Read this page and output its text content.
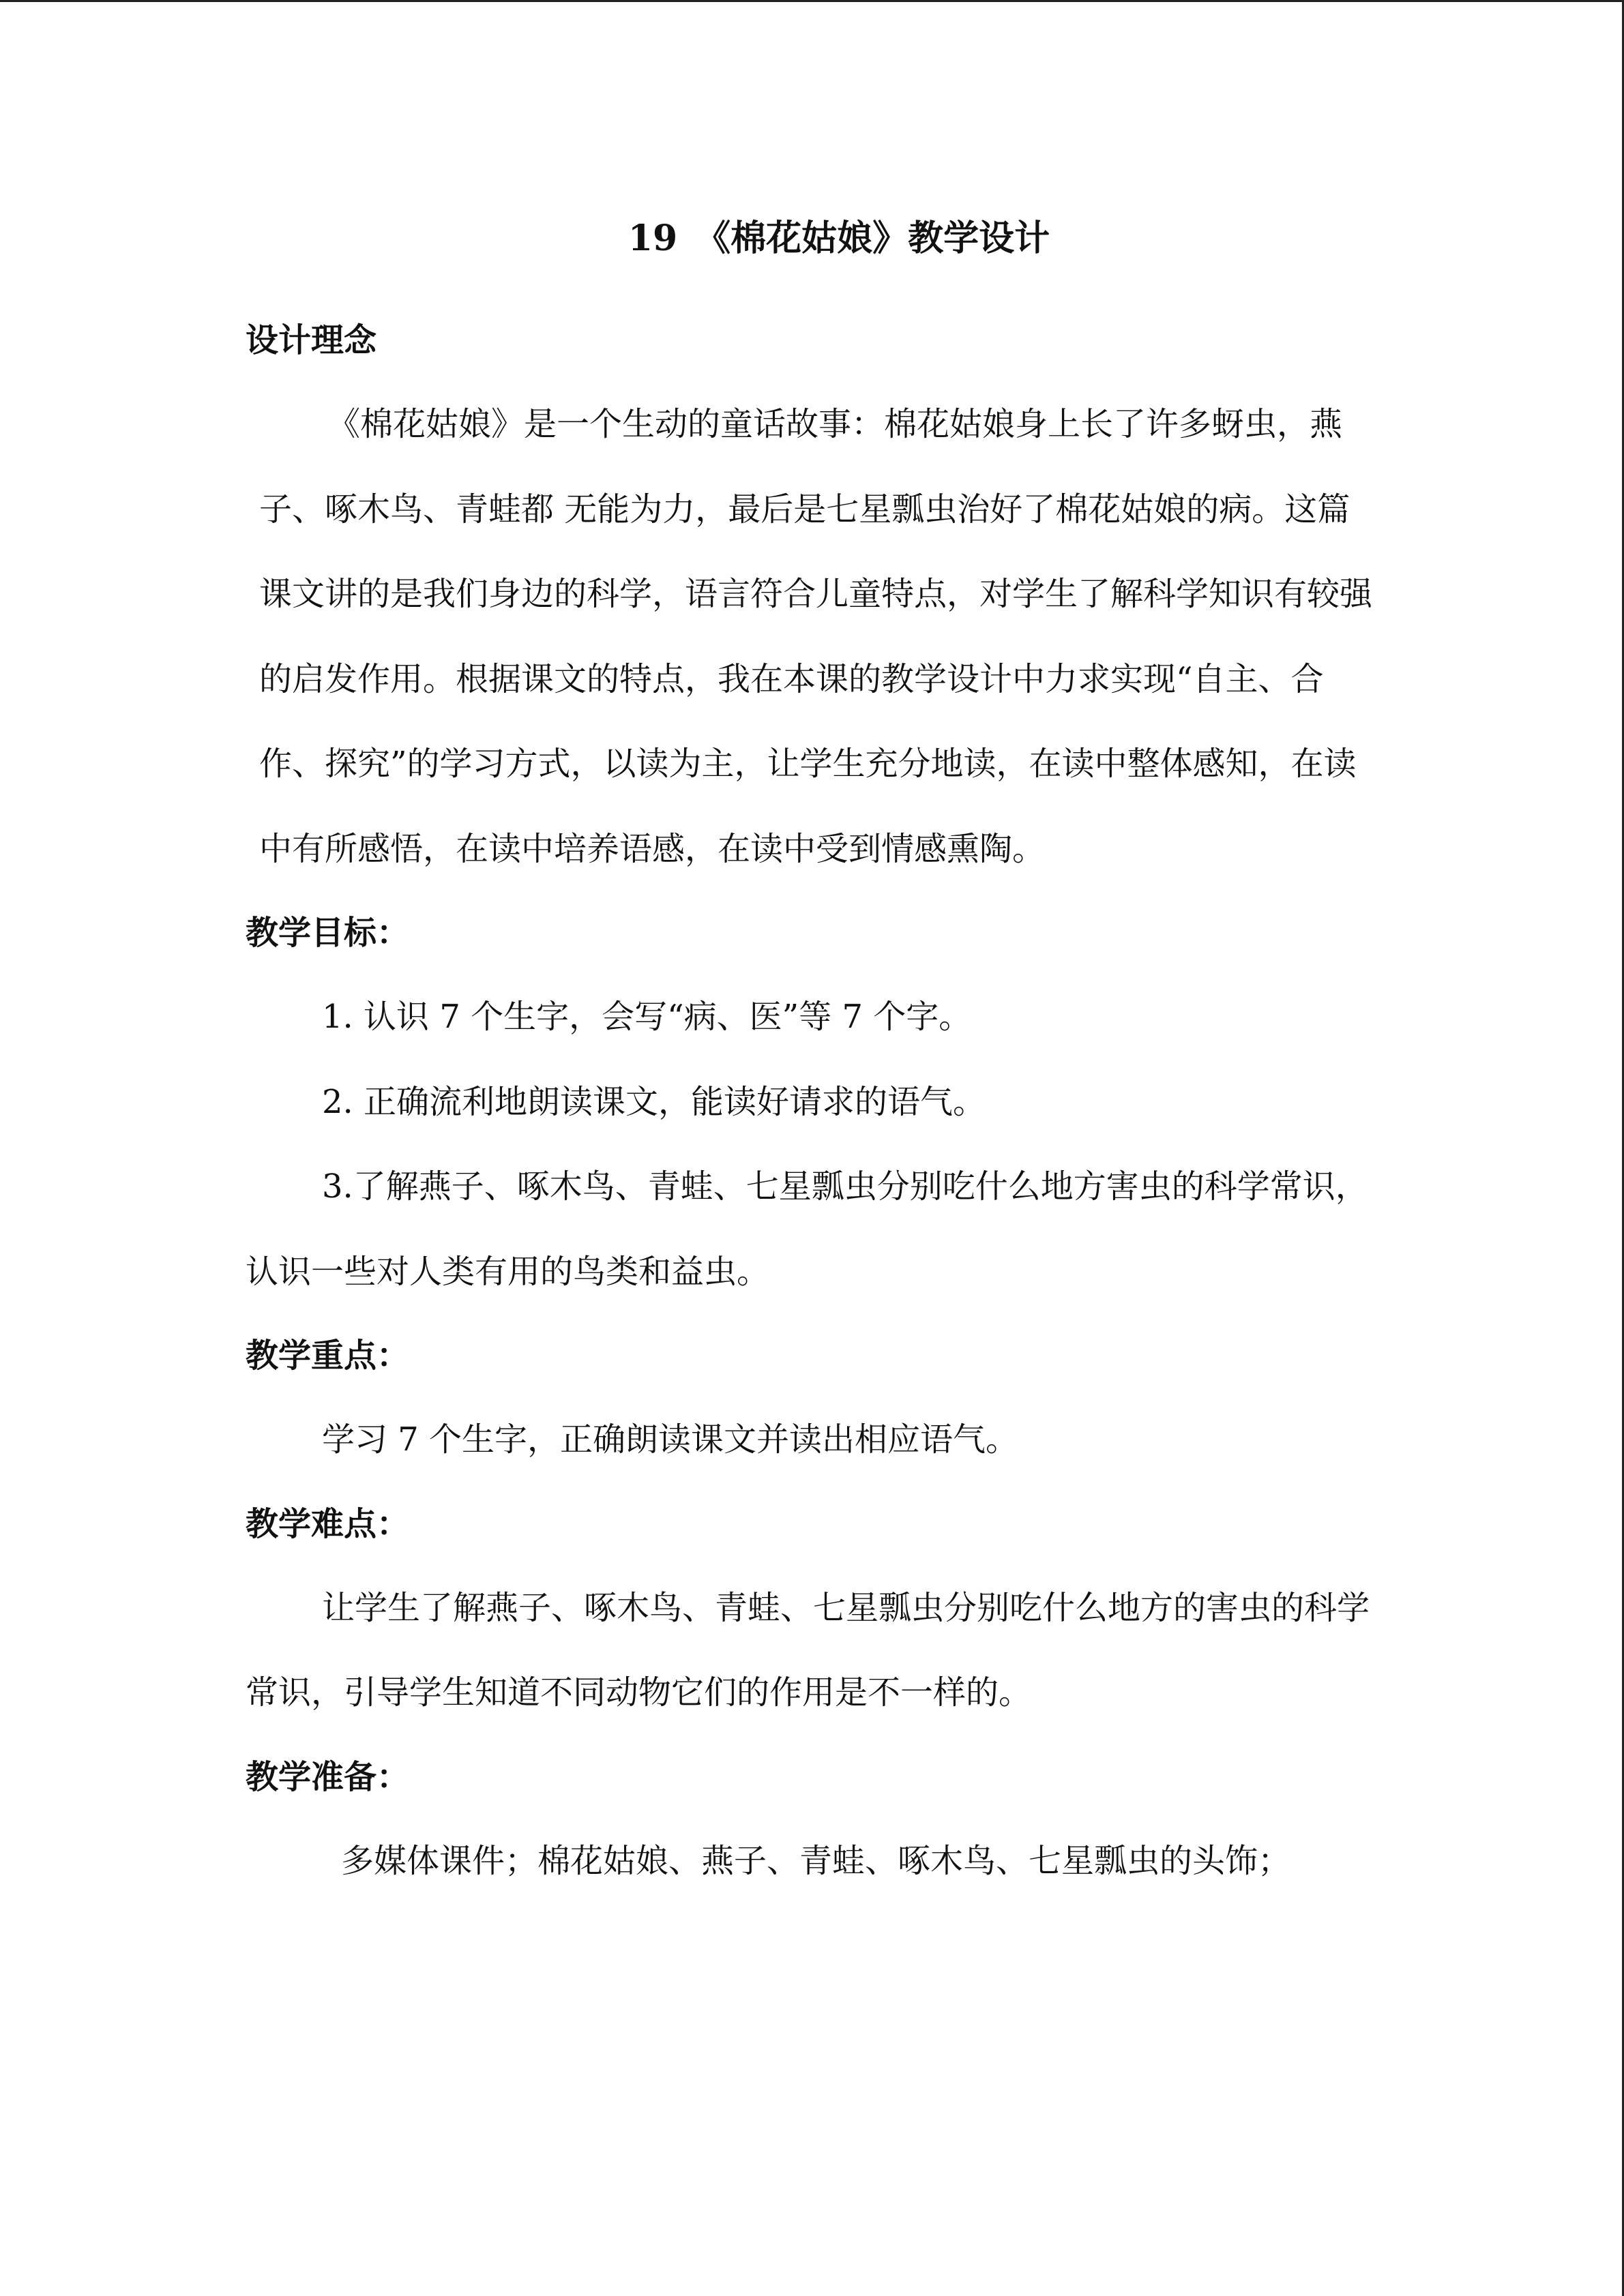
19　《棉花姑娘》教学设计
设计理念

《棉花姑娘》是一个生动的童话故事：棉花姑娘身上长了许多蚜虫，燕子、啄木鸟、青蛙都 无能为力，最后是七星瓢虫治好了棉花姑娘的病。这篇课文讲的是我们身边的科学，语言符合儿童特点，对学生了解科学知识有较强的启发作用。根据课文的特点，我在本课的教学设计中力求实现“自主、合作、探究”的学习方式，以读为主，让学生充分地读，在读中整体感知，在读中有所感悟，在读中培养语感，在读中受到情感熏陶。

教学目标：

1. 认识 7 个生字，会写“病、医”等 7 个字。

2. 正确流利地朗读课文，能读好请求的语气。

3.了解燕子、啄木鸟、青蛙、七星瓢虫分别吃什么地方害虫的科学常识，认识一些对人类有用的鸟类和益虫。

教学重点：

学习 7 个生字，正确朗读课文并读出相应语气。

教学难点：

让学生了解燕子、啄木鸟、青蛙、七星瓢虫分别吃什么地方的害虫的科学常识，引导学生知道不同动物它们的作用是不一样的。

教学准备：

多媒体课件；棉花姑娘、燕子、青蛙、啄木鸟、七星瓢虫的头饰；
